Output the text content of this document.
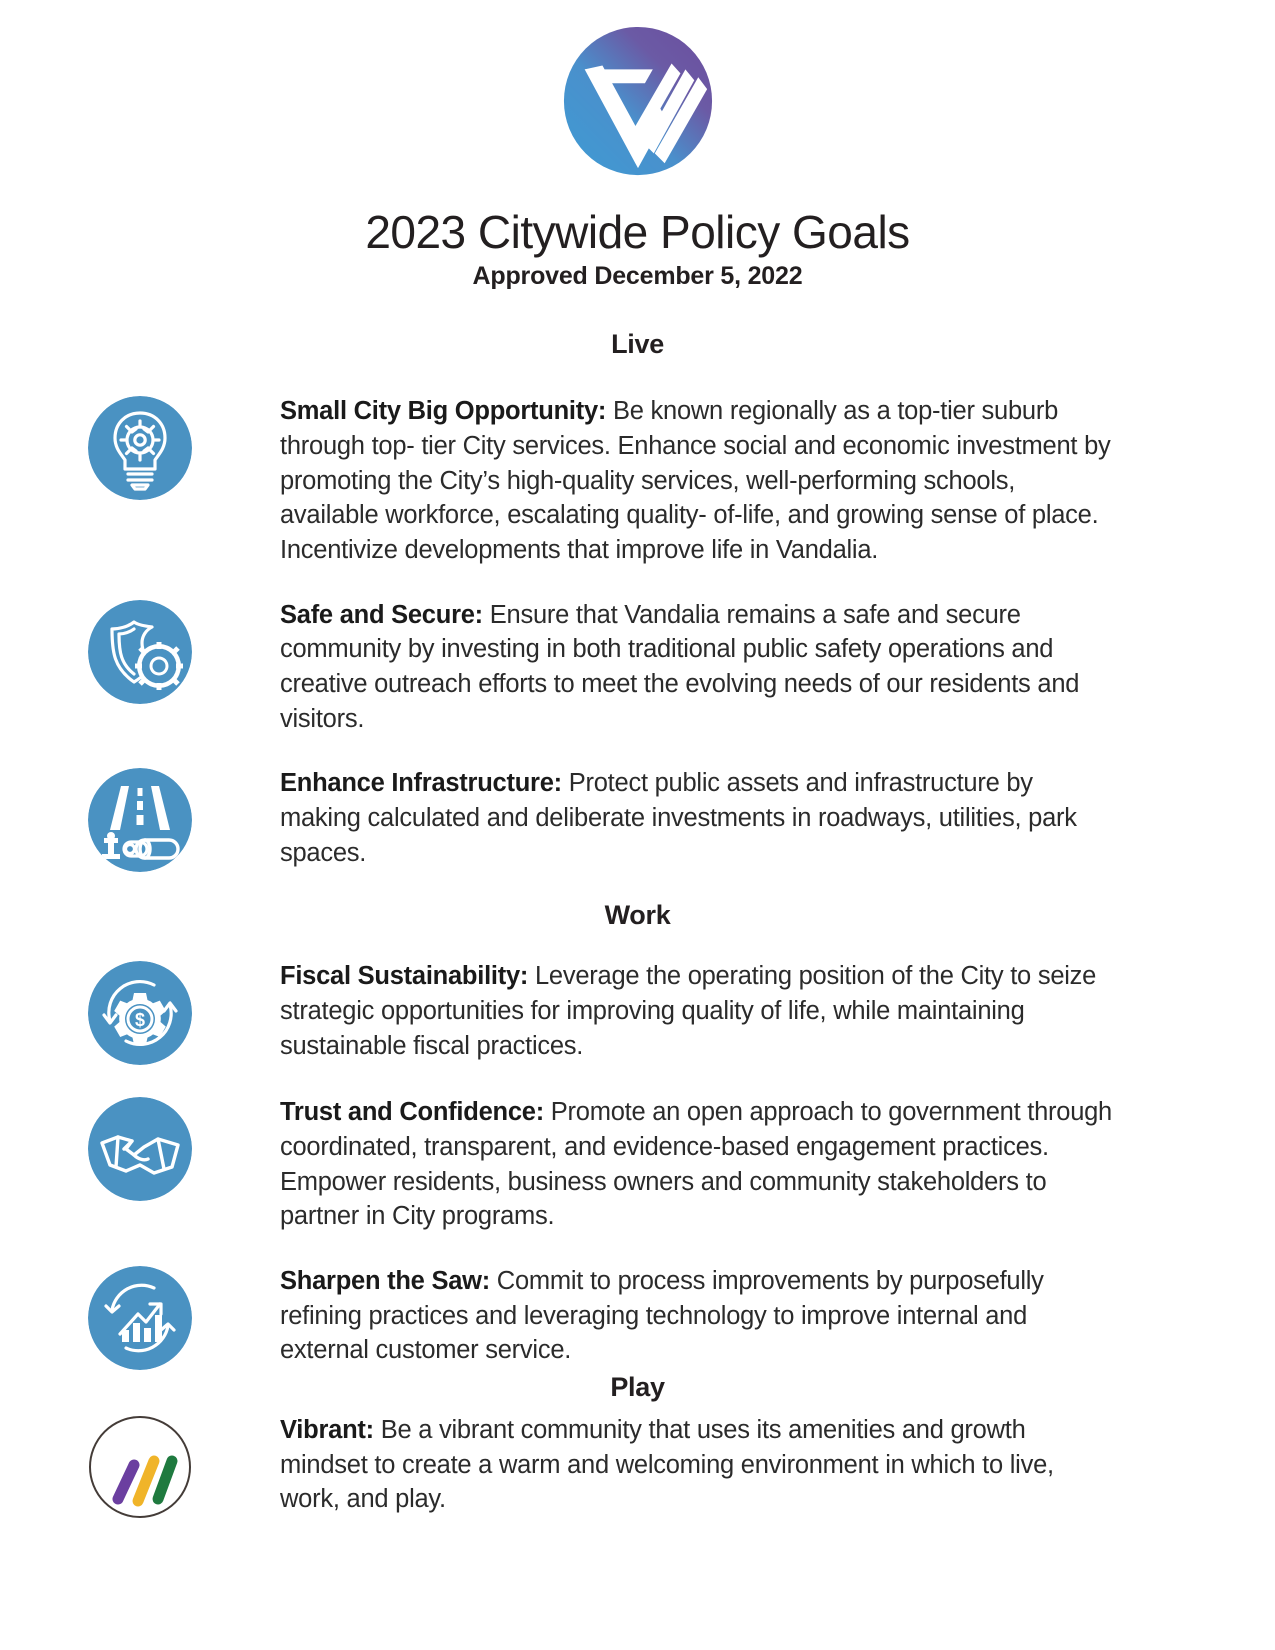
2023 Citywide Policy Goals
Approved December 5, 2022
Live

Small City Big Opportunity: Be known regionally as a top-tier suburb through top- tier City services. Enhance social and economic investment by promoting the City’s high-quality services, well-performing schools, available workforce, escalating quality- of-life, and growing sense of place. Incentivize developments that improve life in Vandalia.

Safe and Secure: Ensure that Vandalia remains a safe and secure community by investing in both traditional public safety operations and creative outreach efforts to meet the evolving needs of our residents and visitors.

Enhance Infrastructure: Protect public assets and infrastructure by making calculated and deliberate investments in roadways, utilities, park spaces.

Work
$

Fiscal Sustainability: Leverage the operating position of the City to seize strategic opportunities for improving quality of life, while maintaining sustainable fiscal practices.

Trust and Confidence: Promote an open approach to government through coordinated, transparent, and evidence-based engagement practices. Empower residents, business owners and community stakeholders to partner in City programs.

Sharpen the Saw: Commit to process improvements by purposefully refining practices and leveraging technology to improve internal and external customer service.

Play

Vibrant: Be a vibrant community that uses its amenities and growth mindset to create a warm and welcoming environment in which to live, work, and play.
